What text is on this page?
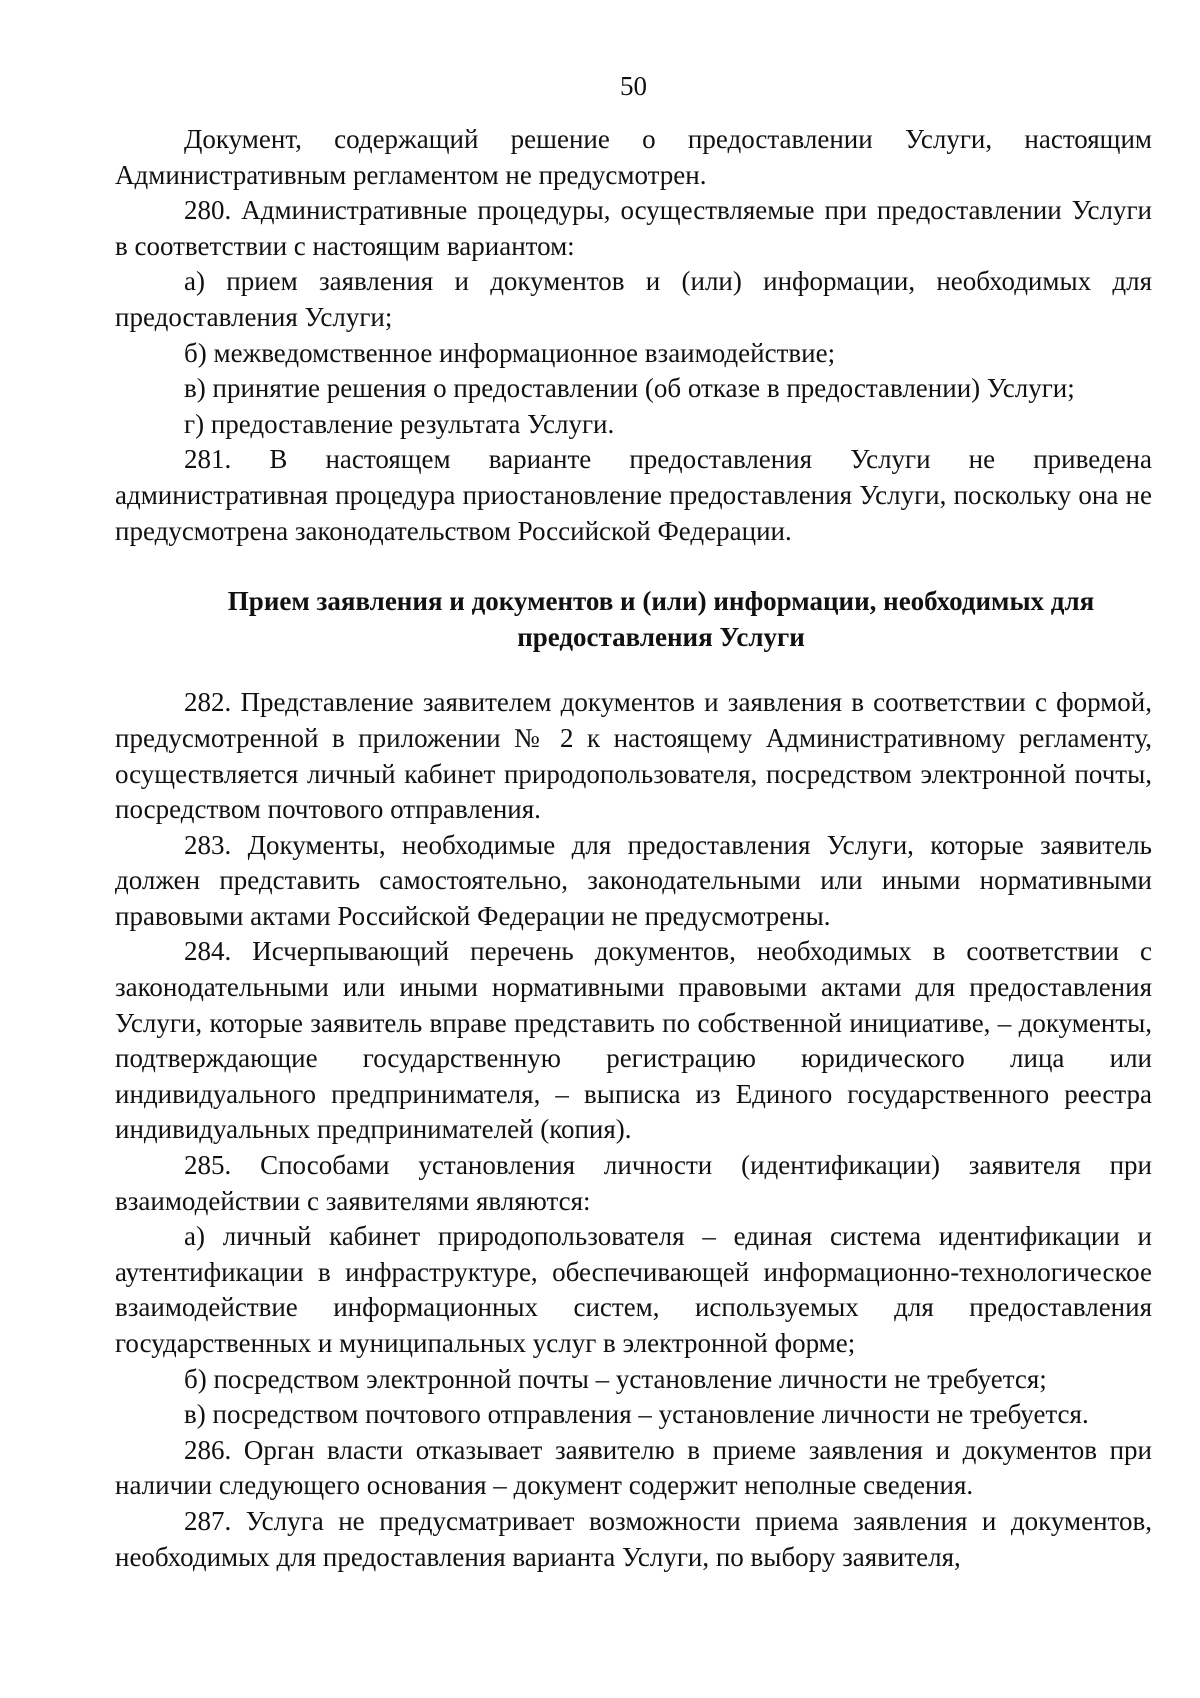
50

Документ, содержащий решение о предоставлении Услуги, настоящим Административным регламентом не предусмотрен.

280. Административные процедуры, осуществляемые при предоставлении Услуги в соответствии с настоящим вариантом:

а) прием заявления и документов и (или) информации, необходимых для предоставления Услуги;

б) межведомственное информационное взаимодействие;

в) принятие решения о предоставлении (об отказе в предоставлении) Услуги;

г) предоставление результата Услуги.

281. В настоящем варианте предоставления Услуги не приведена административная процедура приостановление предоставления Услуги, поскольку она не предусмотрена законодательством Российской Федерации.

Прием заявления и документов и (или) информации, необходимых для

предоставления Услуги

282. Представление заявителем документов и заявления в соответствии с формой, предусмотренной в приложении № 2 к настоящему Административному регламенту, осуществляется личный кабинет природопользователя, посредством электронной почты, посредством почтового отправления.

283. Документы, необходимые для предоставления Услуги, которые заявитель должен представить самостоятельно, законодательными или иными нормативными правовыми актами Российской Федерации не предусмотрены.

284. Исчерпывающий перечень документов, необходимых в соответствии с законодательными или иными нормативными правовыми актами для предоставления Услуги, которые заявитель вправе представить по собственной инициативе, – документы, подтверждающие государственную регистрацию юридического лица или индивидуального предпринимателя, – выписка из Единого государственного реестра индивидуальных предпринимателей (копия).

285. Способами установления личности (идентификации) заявителя при взаимодействии с заявителями являются:

а) личный кабинет природопользователя – единая система идентификации и аутентификации в инфраструктуре, обеспечивающей информационно-технологическое взаимодействие информационных систем, используемых для предоставления государственных и муниципальных услуг в электронной форме;

б) посредством электронной почты – установление личности не требуется;

в) посредством почтового отправления – установление личности не требуется.

286. Орган власти отказывает заявителю в приеме заявления и документов при наличии следующего основания – документ содержит неполные сведения.

287. Услуга не предусматривает возможности приема заявления и документов, необходимых для предоставления варианта Услуги, по выбору заявителя,
